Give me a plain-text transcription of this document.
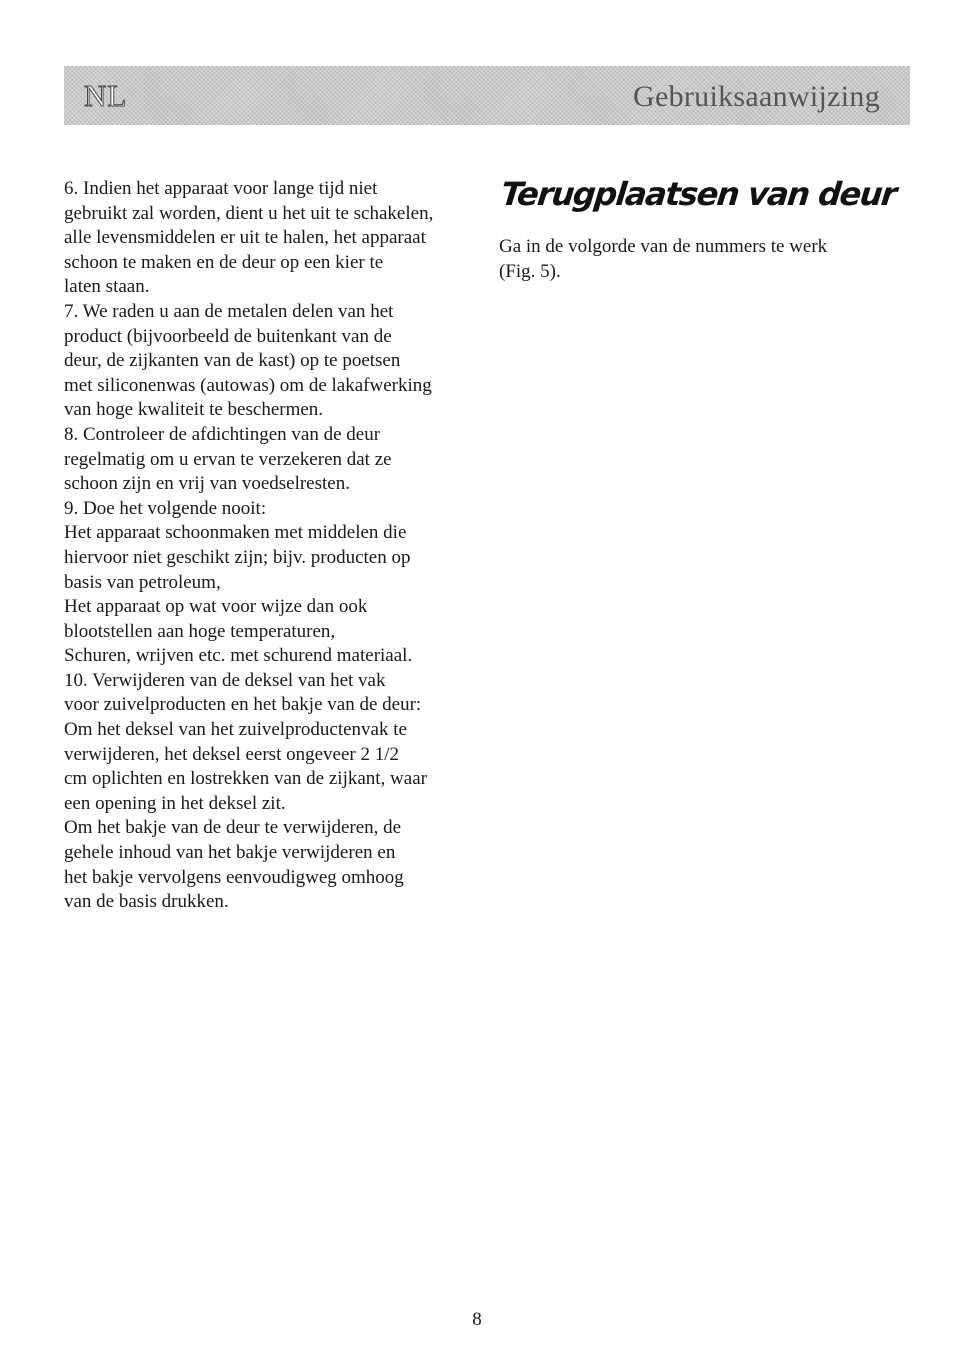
NL	Gebruiksaanwijzing
6. Indien het apparaat voor lange tijd niet
gebruikt zal worden, dient u het uit te schakelen,
alle levensmiddelen er uit te halen, het apparaat
schoon te maken en de deur op een kier te
laten staan.
7. We raden u aan de metalen delen van het
product (bijvoorbeeld de buitenkant van de
deur, de zijkanten van de kast) op te poetsen
met siliconenwas (autowas) om de lakafwerking
van hoge kwaliteit te beschermen.
8. Controleer de afdichtingen van de deur
regelmatig om u ervan te verzekeren dat ze
schoon zijn en vrij van voedselresten.
9. Doe het volgende nooit:
Het apparaat schoonmaken met middelen die
hiervoor niet geschikt zijn; bijv. producten op
basis van petroleum,
Het apparaat op wat voor wijze dan ook
blootstellen aan hoge temperaturen,
Schuren, wrijven etc. met schurend materiaal.
10. Verwijderen van de deksel van het vak
voor zuivelproducten en het bakje van de deur:
Om het deksel van het zuivelproductenvak te
verwijderen, het deksel eerst ongeveer 2 1/2
cm oplichten en lostrekken van de zijkant, waar
een opening in het deksel zit.
Om het bakje van de deur te verwijderen, de
gehele inhoud van het bakje verwijderen en
het bakje vervolgens eenvoudigweg omhoog
van de basis drukken.
Terugplaatsen van deur
Ga in de volgorde van de nummers te werk
(Fig. 5).
8
